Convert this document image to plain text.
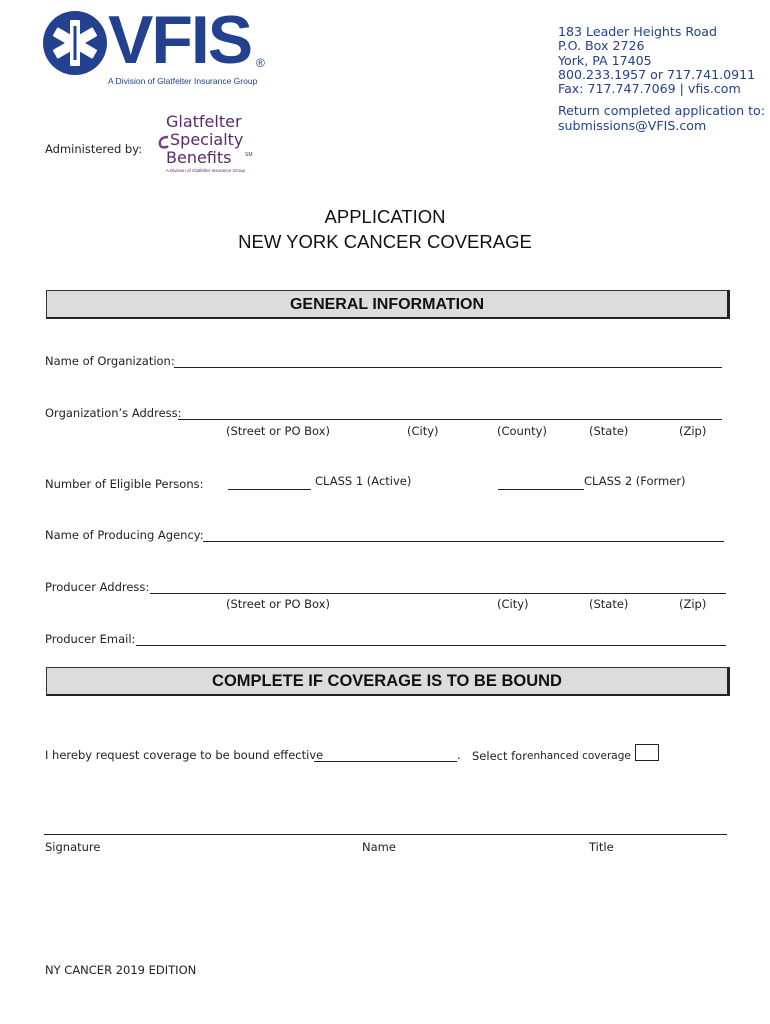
VFIS ®
A Division of Glatfelter Insurance Group
183 Leader Heights Road
P.O. Box 2726
York, PA 17405
800.233.1957 or 717.741.0911
Fax: 717.747.7069 | vfis.com
Return completed application to:
submissions@VFIS.com
Administered by:
Glatfelter
Specialty
Benefits	SM
A Division of Glatfelter Insurance Group
APPLICATION
NEW YORK CANCER COVERAGE
GENERAL INFORMATION
Name of Organization:
Organization’s Address:
(Street or PO Box)	(City)	(County)	(State)	(Zip)
Number of Eligible Persons:	CLASS 1 (Active)	CLASS 2 (Former)
Name of Producing Agency:
Producer Address:
(Street or PO Box)	(City)	(State)	(Zip)
Producer Email:
COMPLETE IF COVERAGE IS TO BE BOUND
I hereby request coverage to be bound effective	. Select for enhanced coverage
Signature	Name	Title
NY CANCER 2019 EDITION
